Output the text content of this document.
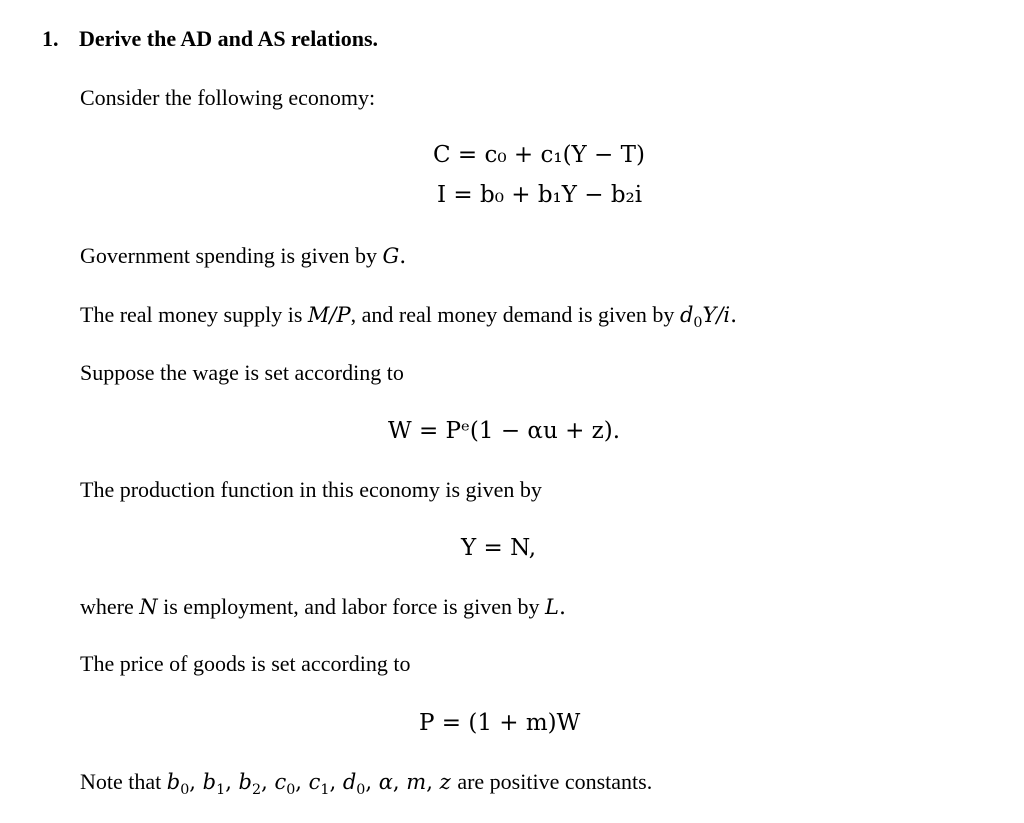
1. Derive the AD and AS relations.
Consider the following economy:
C = c₀ + c₁(Y − T)
I = b₀ + b₁Y − b₂i
Government spending is given by G.
The real money supply is M/P, and real money demand is given by $d_0Y/i$.
Suppose the wage is set according to
W = Pᵉ(1 − αu + z).
The production function in this economy is given by
Y = N,
where N is employment, and labor force is given by L.
The price of goods is set according to
P = (1 + m)W
Note that $b_0$, $b_1$, $b_2$, $c_0$, $c_1$, $d_0$, α, m, z are positive constants.
